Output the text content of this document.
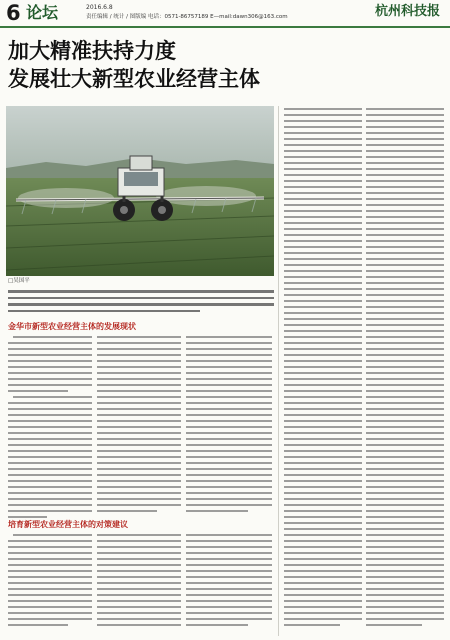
6 论坛	2016.6.8
责任编辑 / 统计 / 图版编 电话：0571-86757189 E—mail:dawn306@163.com	杭州科技报
加大精准扶持力度
发展壮大新型农业经营主体
□吴国平
金华市新型农业经营主体的发展现状
培育新型农业经营主体的对策建议
